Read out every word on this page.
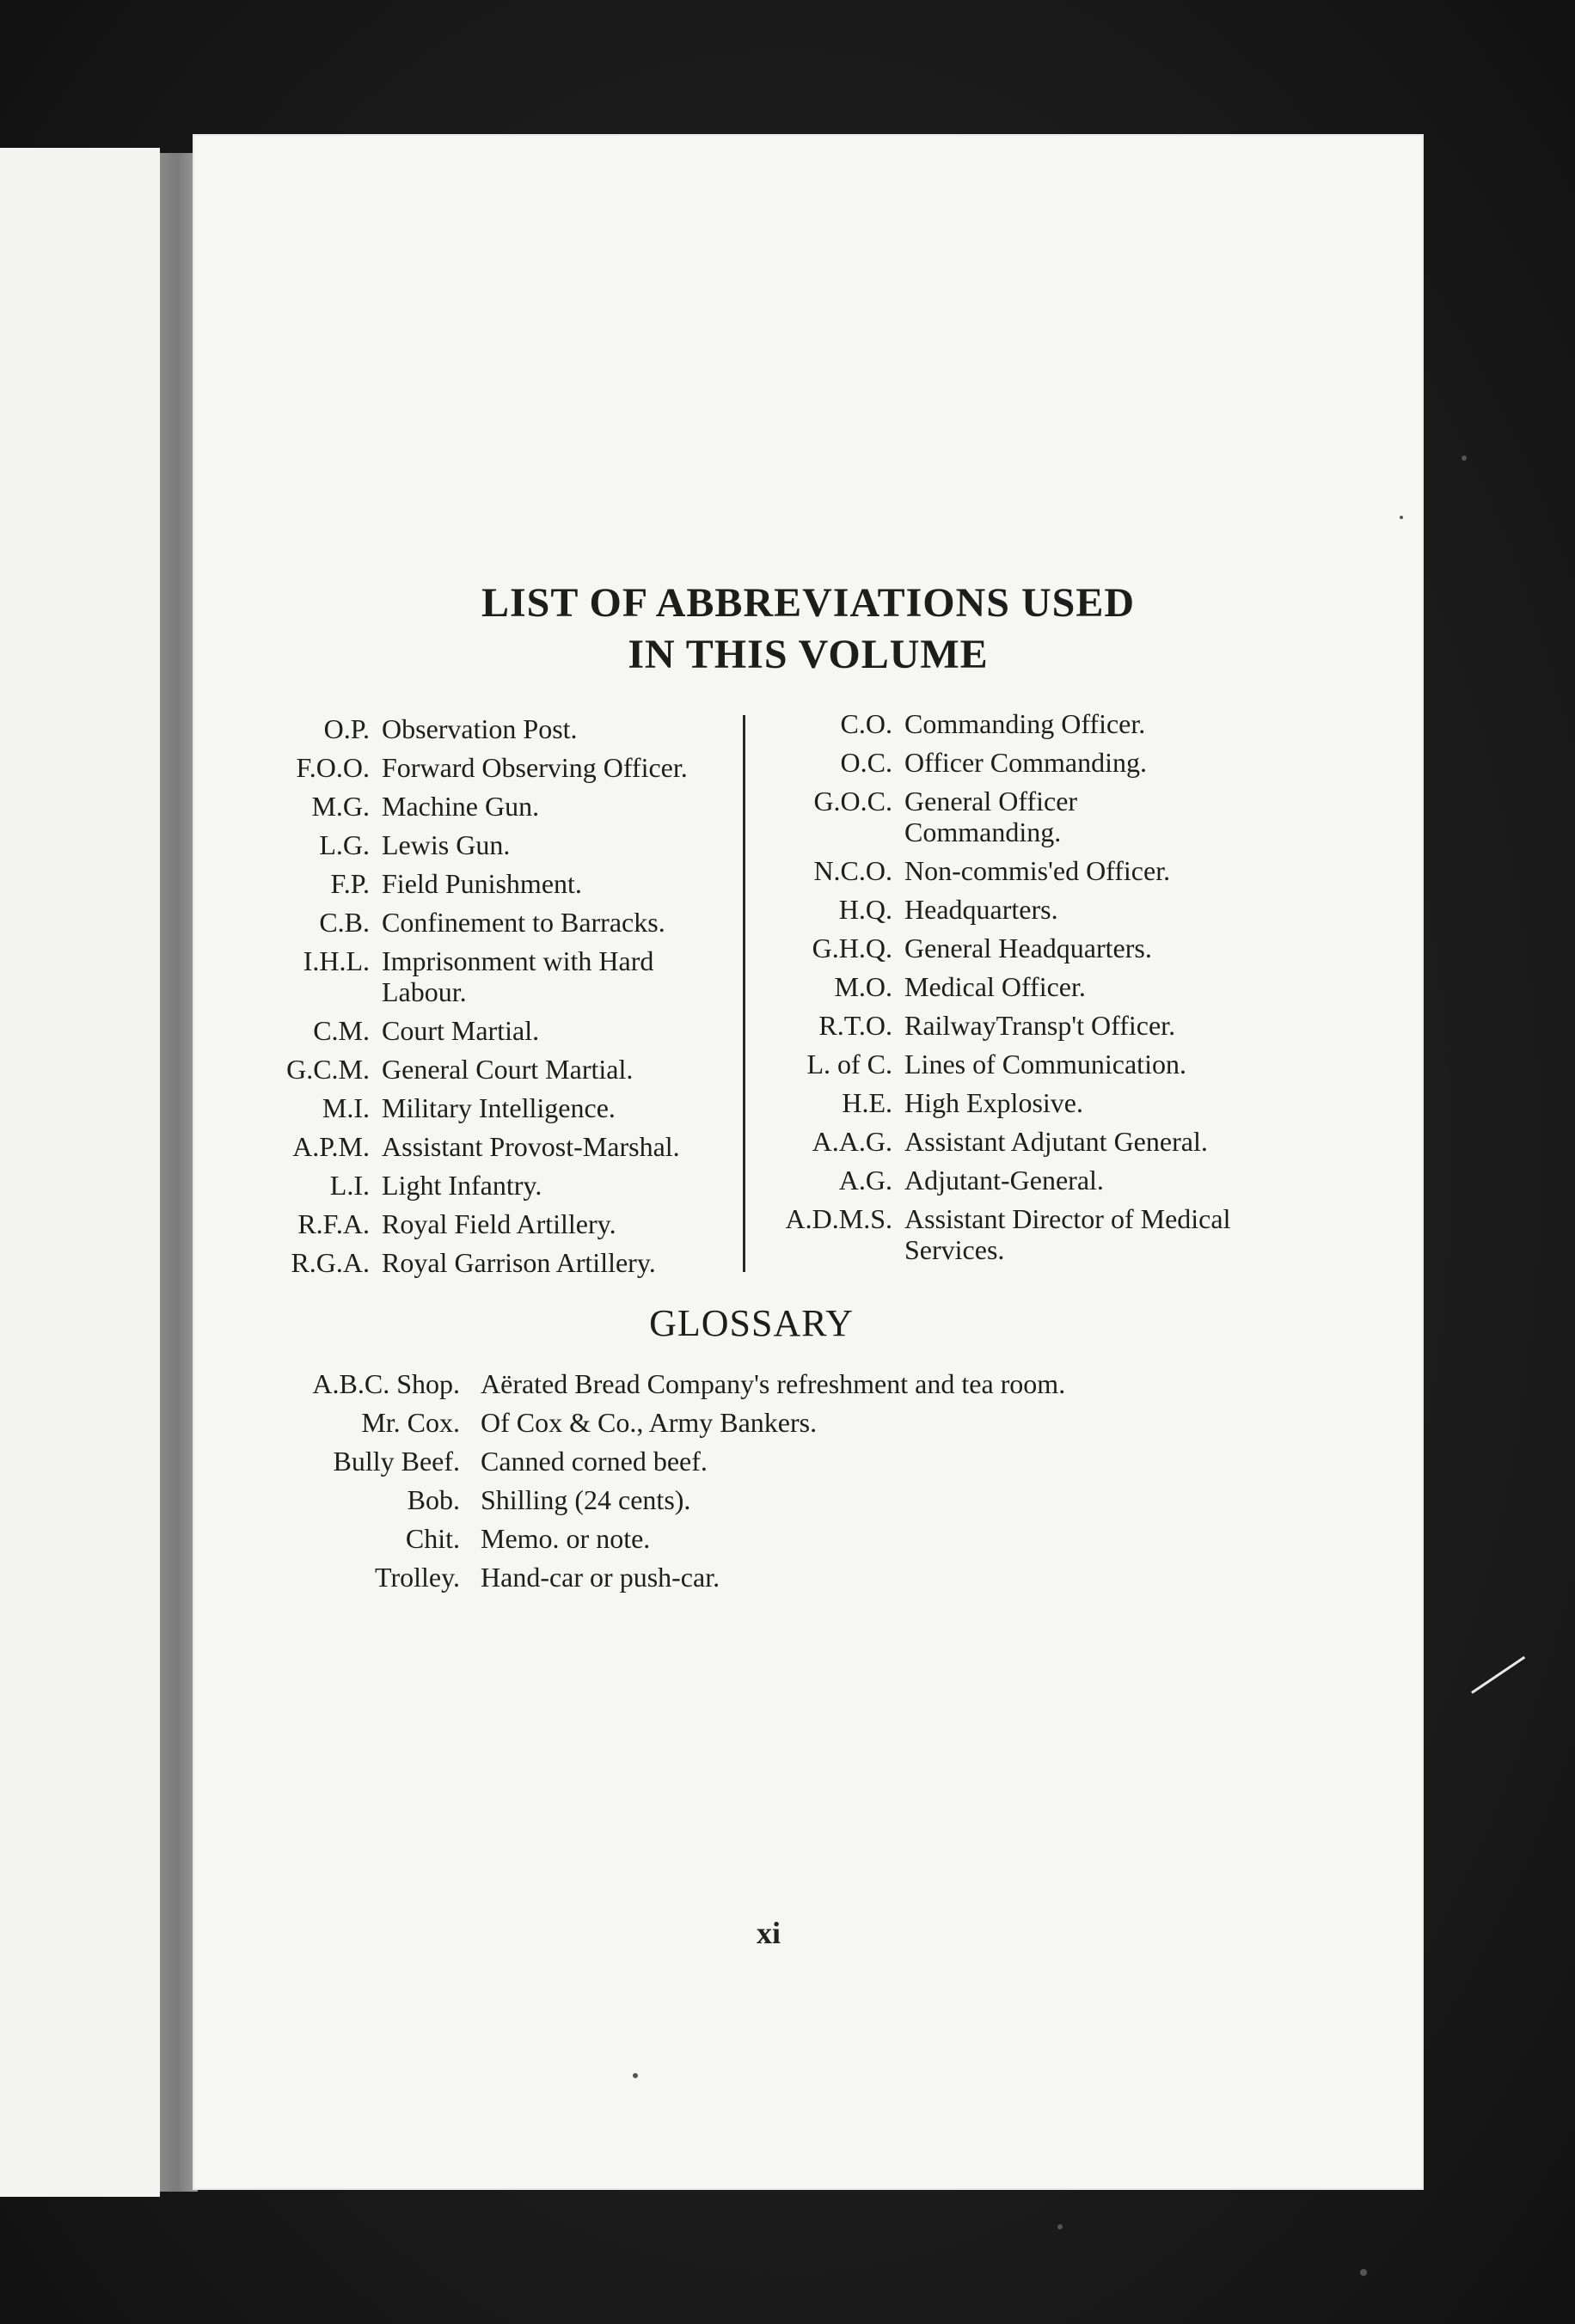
LIST OF ABBREVIATIONS USED
IN THIS VOLUME
O.P. Observation Post.
F.O.O. Forward Observing Officer.
M.G. Machine Gun.
L.G. Lewis Gun.
F.P. Field Punishment.
C.B. Confinement to Barracks.
I.H.L. Imprisonment with Hard Labour.
C.M. Court Martial.
G.C.M. General Court Martial.
M.I. Military Intelligence.
A.P.M. Assistant Provost-Marshal.
L.I. Light Infantry.
R.F.A. Royal Field Artillery.
R.G.A. Royal Garrison Artillery.
C.O. Commanding Officer.
O.C. Officer Commanding.
G.O.C. General Officer Commanding.
N.C.O. Non-commis'ed Officer.
H.Q. Headquarters.
G.H.Q. General Headquarters.
M.O. Medical Officer.
R.T.O. RailwayTransp't Officer.
L. of C. Lines of Communication.
H.E. High Explosive.
A.A.G. Assistant Adjutant General.
A.G. Adjutant-General.
A.D.M.S. Assistant Director of Medical Services.
GLOSSARY
A.B.C. Shop. Aërated Bread Company's refreshment and tea room.
Mr. Cox. Of Cox & Co., Army Bankers.
Bully Beef. Canned corned beef.
Bob. Shilling (24 cents).
Chit. Memo. or note.
Trolley. Hand-car or push-car.
xi
